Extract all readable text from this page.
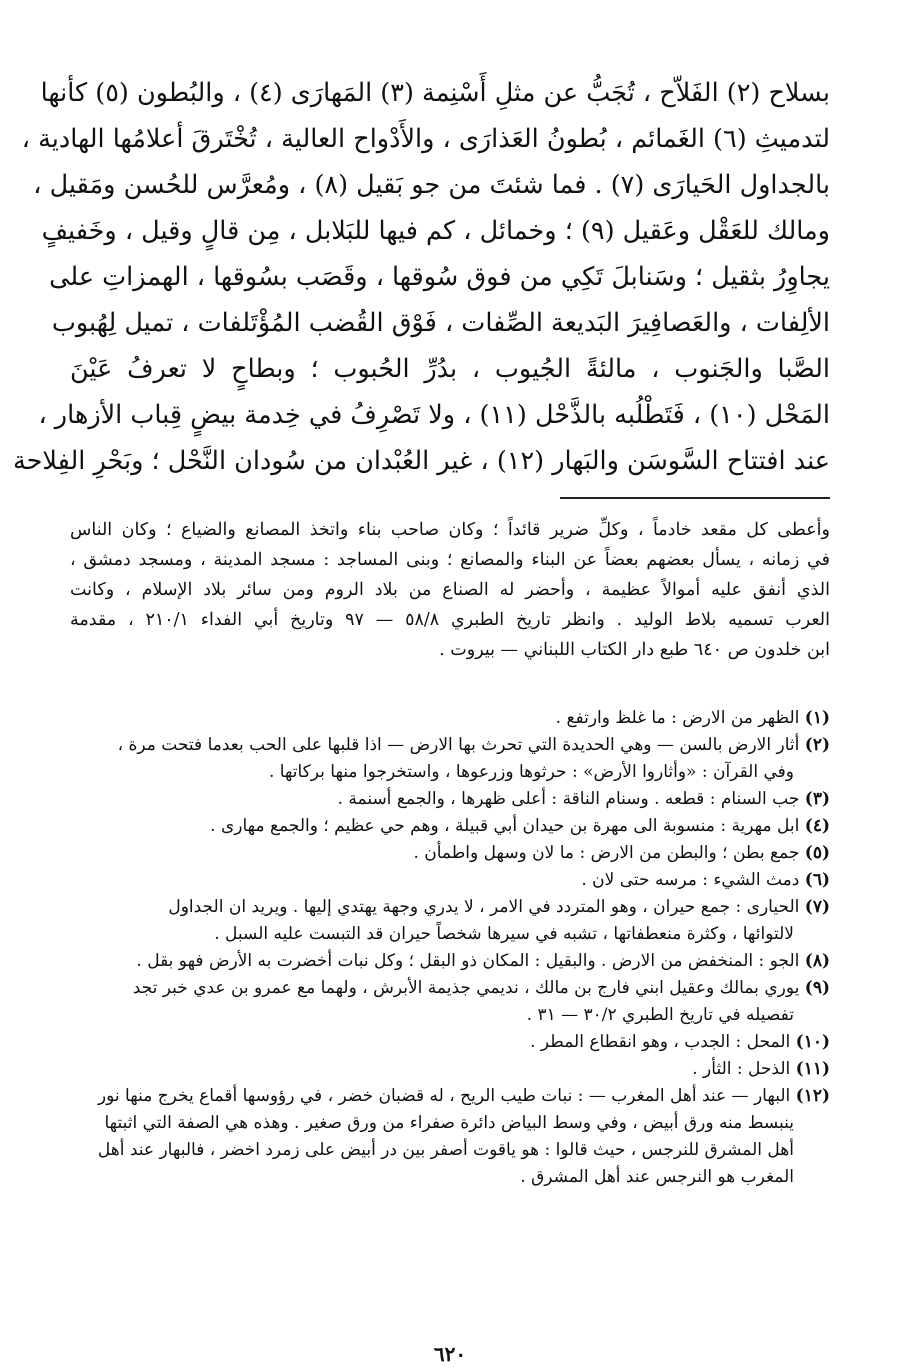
بسلاح (٢) الفَلاّح ، تُجَبُّ عن مثلِ أَسْنِمة (٣) المَهارَى (٤) ، والبُطون (٥) كأنها

لتدميثِ (٦) الغَمائم ، بُطونُ العَذارَى ، والأَدْواح العالية ، تُخْتَرقَ أعلامُها الهادية ،

بالجداول الحَيارَى (٧) . فما شئتَ من جو بَقيل (٨) ، ومُعرَّس للحُسن ومَقيل ،

ومالك للعَقْل وعَقيل (٩) ؛ وخمائل ، كم فيها للبَلابل ، مِن قالٍ وقيل ، وخَفيفٍ

يجاوِرُ بثقيل ؛ وسَنابلَ تَكِي من فوق سُوقها ، وقَصَب بسُوقها ، الهمزاتِ على

الألِفات ، والعَصافِيرَ البَديعة الصِّفات ، فَوْق القُضب المُؤْتَلفات ، تميل لِهُبوب

الصَّبا والجَنوب ، مالئةً الجُيوب ، بدُرِّ الحُبوب ؛ وبطاحٍ لا تعرفُ عَيْنَ

المَحْل (١٠) ، فَتَطْلُبه بالذَّحْل (١١) ، ولا تَصْرِفُ في خِدمة بيضٍ قِباب الأزهار ،

عند افتتاح السَّوسَن والبَهار (١٢) ، غير العُبْدان من سُودان النَّحْل ؛ وبَحْرِ الفِلاحة

وأعطى كل مقعد خادماً ، وكلِّ ضرير قائداً ؛ وكان صاحب بناء واتخذ المصانع والضياع ؛ وكان الناس

في زمانه ، يسأل بعضهم بعضاً عن البناء والمصانع ؛ وبنى المساجد : مسجد المدينة ، ومسجد دمشق ،

الذي أنفق عليه أموالاً عظيمة ، وأحضر له الصناع من بلاد الروم ومن سائر بلاد الإسلام ، وكانت

العرب تسميه بلاط الوليد . وانظر تاريخ الطبري ٥٨/٨ — ٩٧ وتاريخ أبي الفداء ٢١٠/١ ، مقدمة

ابن خلدون ص ٦٤٠ طبع دار الكتاب اللبناني — بيروت .

(١) الظهر من الارض : ما غلظ وارتفع .

(٢) أثار الارض بالسن — وهي الحديدة التي تحرث بها الارض — اذا قلبها على الحب بعدما فتحت مرة ،

وفي القرآن : «وأثاروا الأرض» : حرثوها وزرعوها ، واستخرجوا منها بركاتها .

(٣) جب السنام : قطعه . وسنام الناقة : أعلى ظهرها ، والجمع أسنمة .

(٤) ابل مهرية : منسوبة الى مهرة بن حيدان أبي قبيلة ، وهم حي عظيم ؛ والجمع مهارى .

(٥) جمع بطن ؛ والبطن من الارض : ما لان وسهل واطمأن .

(٦) دمث الشيء : مرسه حتى لان .

(٧) الحيارى : جمع حيران ، وهو المتردد في الامر ، لا يدري وجهة يهتدي إليها . ويريد ان الجداول

لالتوائها ، وكثرة منعطفاتها ، تشبه في سيرها شخصاً حيران قد التبست عليه السبل .

(٨) الجو : المنخفض من الارض . والبقيل : المكان ذو البقل ؛ وكل نبات أخضرت به الأرض فهو بقل .

(٩) يوري بمالك وعقيل ابني فارج بن مالك ، نديمي جذيمة الأبرش ، ولهما مع عمرو بن عدي خبر تجد

تفصيله في تاريخ الطبري ٣٠/٢ — ٣١ .

(١٠) المحل : الجدب ، وهو انقطاع المطر .

(١١) الذحل : الثأر .

(١٢) البهار — عند أهل المغرب — : نبات طيب الريح ، له قضبان خضر ، في رؤوسها أقماع يخرج منها نور

ينبسط منه ورق أبيض ، وفي وسط البياض دائرة صفراء من ورق صغير . وهذه هي الصفة التي اثبتها

أهل المشرق للنرجس ، حيث قالوا : هو ياقوت أصفر بين در أبيض على زمرد اخضر ، فالبهار عند أهل

المغرب هو النرجس عند أهل المشرق .

٦٢٠
